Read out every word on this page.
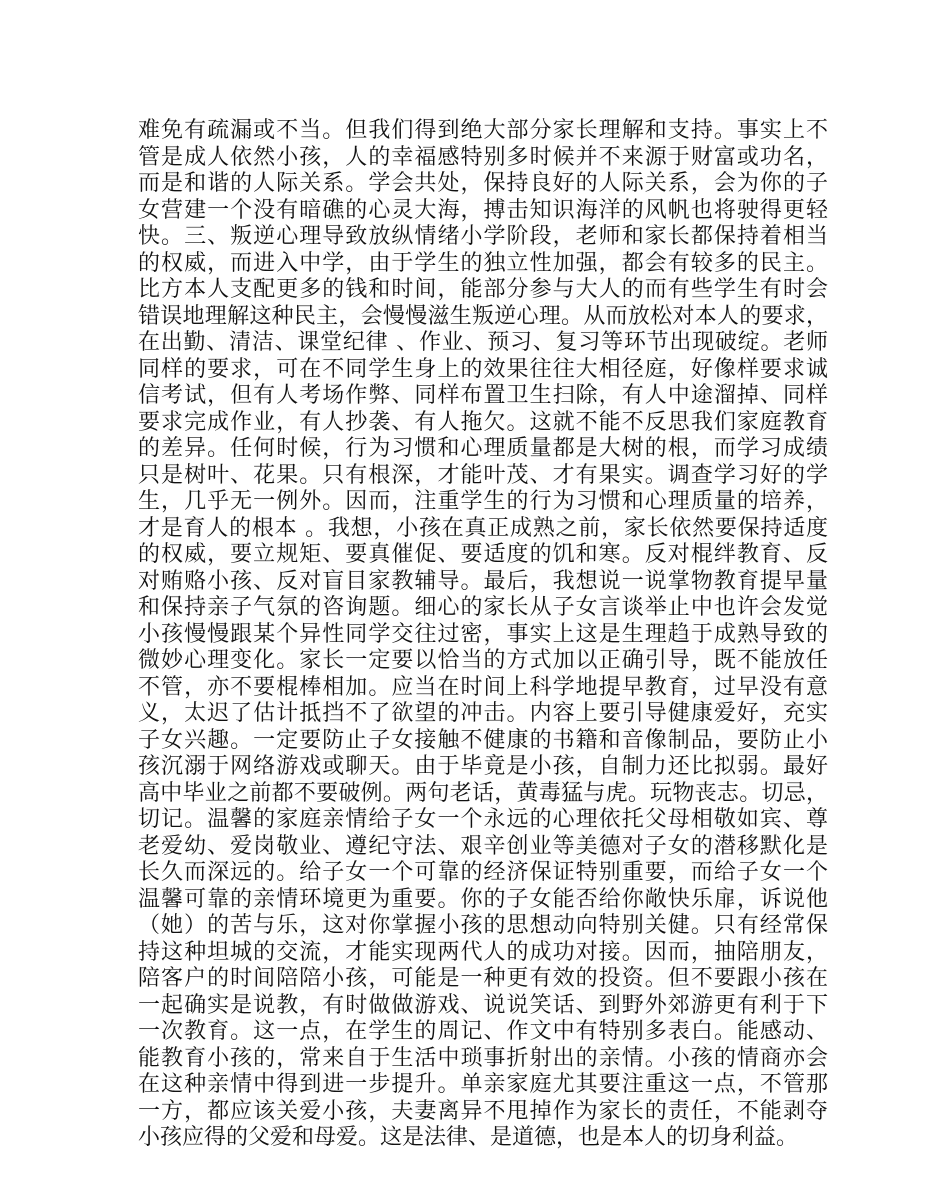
难免有疏漏或不当。但我们得到绝大部分家长理解和支持。事实上不
管是成人依然小孩，人的幸福感特别多时候并不来源于财富或功名，
而是和谐的人际关系。学会共处，保持良好的人际关系，会为你的子
女营建一个没有暗礁的心灵大海，搏击知识海洋的风帆也将驶得更轻
快。三、叛逆心理导致放纵情绪小学阶段，老师和家长都保持着相当
的权威，而进入中学，由于学生的独立性加强，都会有较多的民主。
比方本人支配更多的钱和时间，能部分参与大人的而有些学生有时会
错误地理解这种民主，会慢慢滋生叛逆心理。从而放松对本人的要求，
在出勤、清洁、课堂纪律 、作业、预习、复习等环节出现破绽。老师
同样的要求，可在不同学生身上的效果往往大相径庭，好像样要求诚
信考试，但有人考场作弊、同样布置卫生扫除，有人中途溜掉、同样
要求完成作业，有人抄袭、有人拖欠。这就不能不反思我们家庭教育
的差异。任何时候，行为习惯和心理质量都是大树的根，而学习成绩
只是树叶、花果。只有根深，才能叶茂、才有果实。调查学习好的学
生，几乎无一例外。因而，注重学生的行为习惯和心理质量的培养，
才是育人的根本 。我想，小孩在真正成熟之前，家长依然要保持适度
的权威，要立规矩、要真催促、要适度的饥和寒。反对棍绊教育、反
对贿赂小孩、反对盲目家教辅导。最后，我想说一说掌物教育提早量
和保持亲子气氛的咨询题。细心的家长从子女言谈举止中也许会发觉
小孩慢慢跟某个异性同学交往过密，事实上这是生理趋于成熟导致的
微妙心理变化。家长一定要以恰当的方式加以正确引导，既不能放任
不管，亦不要棍棒相加。应当在时间上科学地提早教育，过早没有意
义，太迟了估计抵挡不了欲望的冲击。内容上要引导健康爱好，充实
子女兴趣。一定要防止子女接触不健康的书籍和音像制品，要防止小
孩沉溺于网络游戏或聊天。由于毕竟是小孩，自制力还比拟弱。最好
高中毕业之前都不要破例。两句老话，黄毒猛与虎。玩物丧志。切忌，
切记。温馨的家庭亲情给子女一个永远的心理依托父母相敬如宾、尊
老爱幼、爱岗敬业、遵纪守法、艰辛创业等美德对子女的潜移默化是
长久而深远的。给子女一个可靠的经济保证特别重要，而给子女一个
温馨可靠的亲情环境更为重要。你的子女能否给你敞快乐扉，诉说他
（她）的苦与乐，这对你掌握小孩的思想动向特别关健。只有经常保
持这种坦城的交流，才能实现两代人的成功对接。因而，抽陪朋友，
陪客户的时间陪陪小孩，可能是一种更有效的投资。但不要跟小孩在
一起确实是说教，有时做做游戏、说说笑话、到野外郊游更有利于下
一次教育。这一点，在学生的周记、作文中有特别多表白。能感动、
能教育小孩的，常来自于生活中琐事折射出的亲情。小孩的情商亦会
在这种亲情中得到进一步提升。单亲家庭尤其要注重这一点，不管那
一方，都应该关爱小孩，夫妻离异不甩掉作为家长的责任，不能剥夺
小孩应得的父爱和母爱。这是法律、是道德，也是本人的切身利益。
